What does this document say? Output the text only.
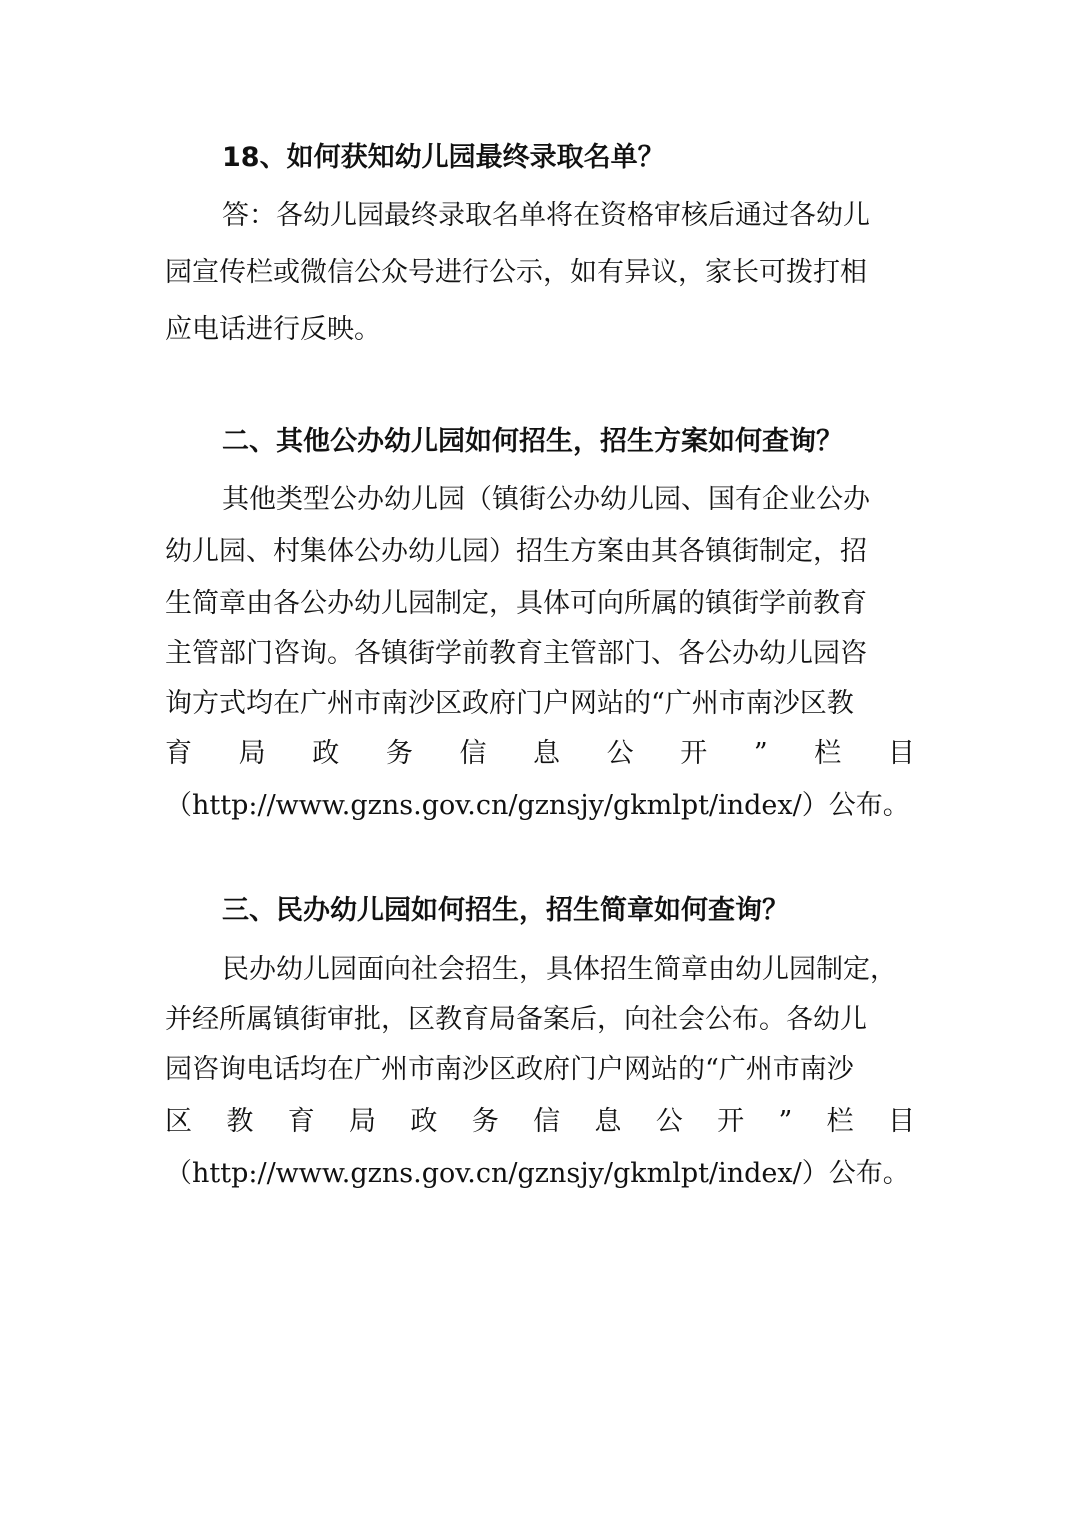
18、如何获知幼儿园最终录取名单？
答：各幼儿园最终录取名单将在资格审核后通过各幼儿
园宣传栏或微信公众号进行公示，如有异议，家长可拨打相
应电话进行反映。
二、其他公办幼儿园如何招生，招生方案如何查询？
其他类型公办幼儿园（镇街公办幼儿园、国有企业公办
幼儿园、村集体公办幼儿园）招生方案由其各镇街制定，招
生简章由各公办幼儿园制定，具体可向所属的镇街学前教育
主管部门咨询。各镇街学前教育主管部门、各公办幼儿园咨
询方式均在广州市南沙区政府门户网站的“广州市南沙区教
育 局 政 务 信 息 公 开 ” 栏 目
（http://www.gzns.gov.cn/gznsjy/gkmlpt/index/）公布。
三、民办幼儿园如何招生，招生简章如何查询？
民办幼儿园面向社会招生，具体招生简章由幼儿园制定，
并经所属镇街审批，区教育局备案后，向社会公布。各幼儿
园咨询电话均在广州市南沙区政府门户网站的“广州市南沙
区 教 育 局 政 务 信 息 公 开 ” 栏 目
（http://www.gzns.gov.cn/gznsjy/gkmlpt/index/）公布。
